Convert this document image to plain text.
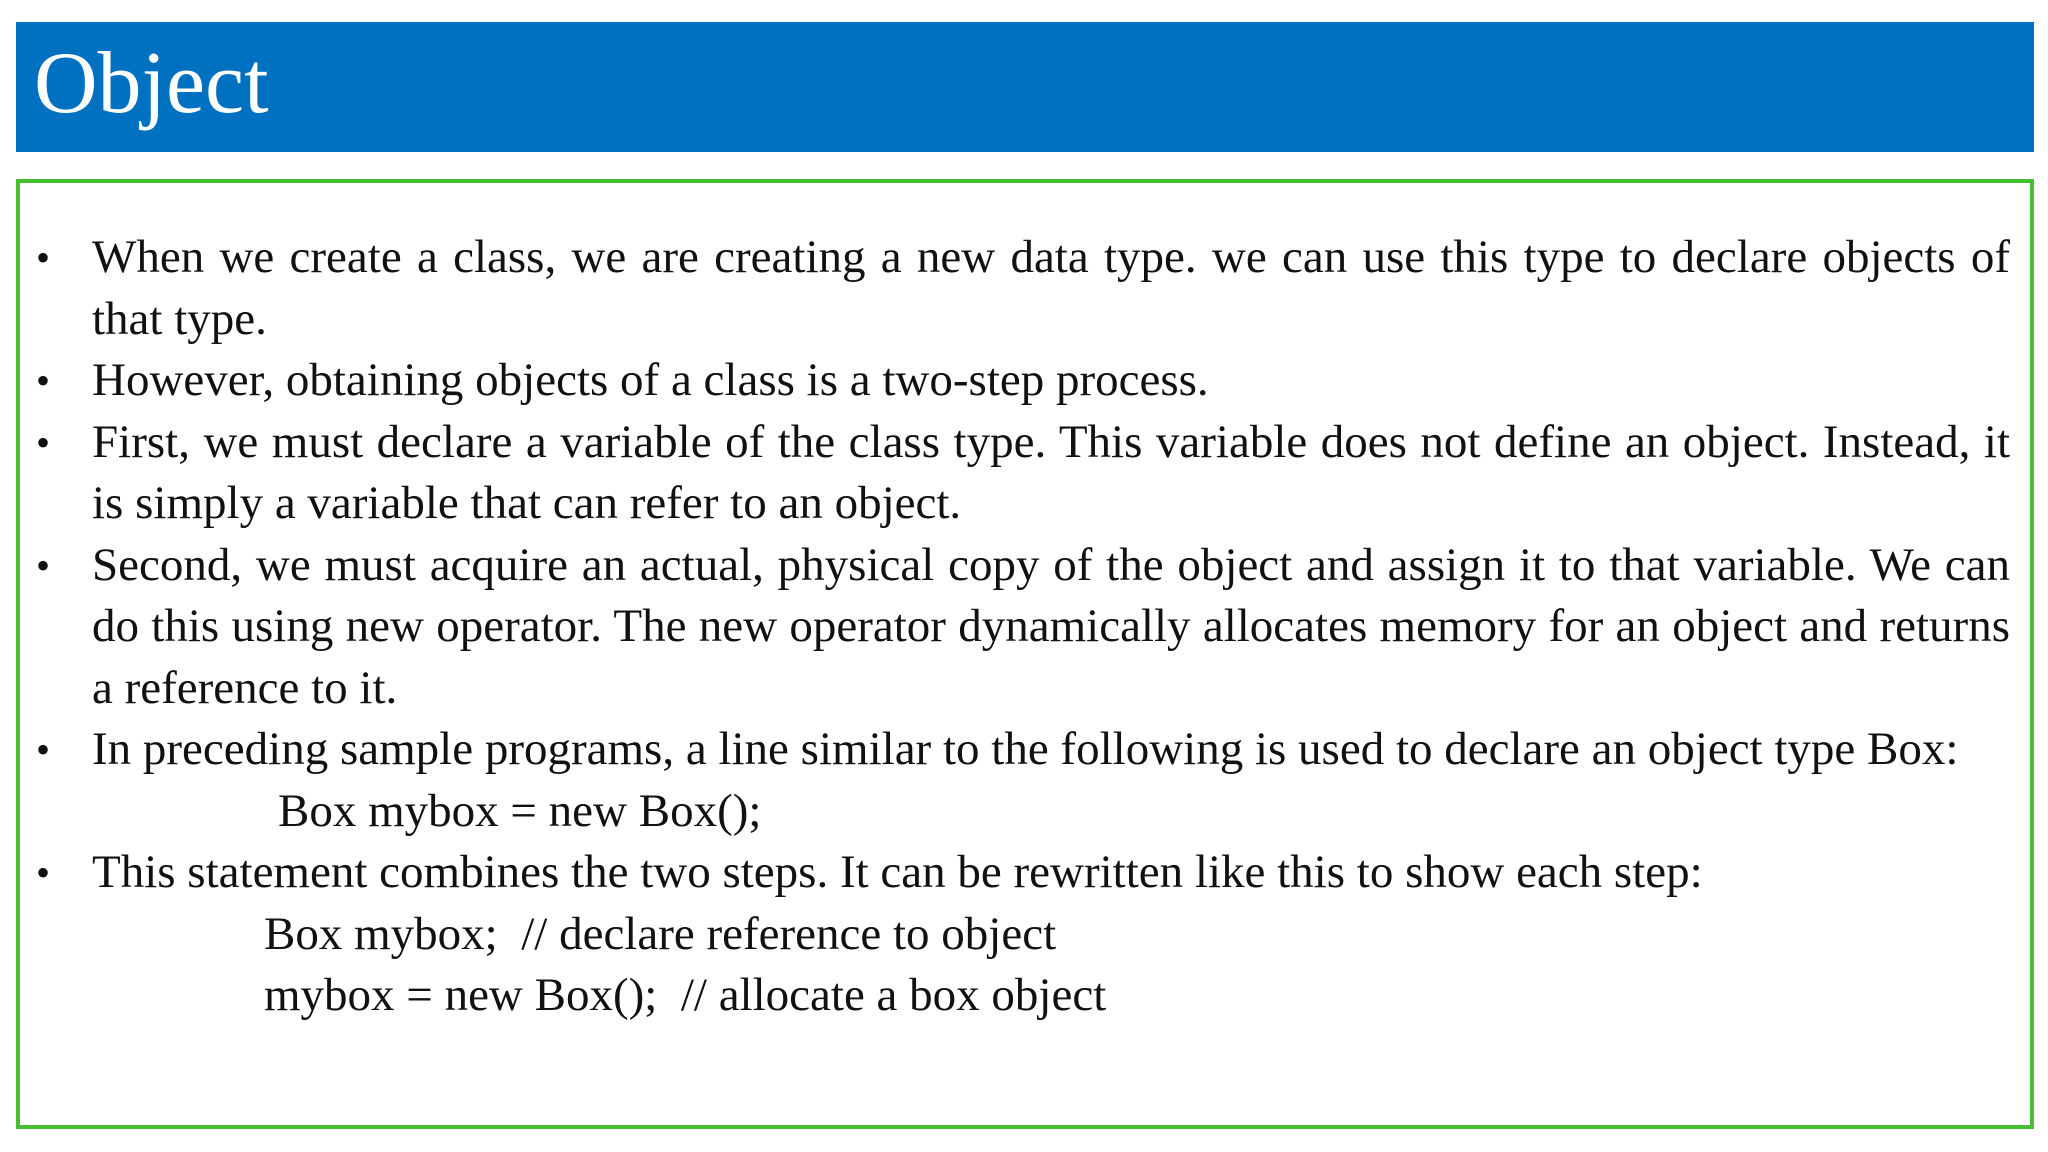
Object
• When we create a class, we are creating a new data type. we can use this type to declare objects of that type.
• However, obtaining objects of a class is a two-step process.
• First, we must declare a variable of the class type. This variable does not define an object. Instead, it is simply a variable that can refer to an object.
• Second, we must acquire an actual, physical copy of the object and assign it to that variable. We can do this using new operator. The new operator dynamically allocates memory for an object and returns a reference to it.
• In preceding sample programs, a line similar to the following is used to declare an object type Box:
Box mybox = new Box();
• This statement combines the two steps. It can be rewritten like this to show each step:
Box mybox;  // declare reference to object
mybox = new Box();  // allocate a box object
